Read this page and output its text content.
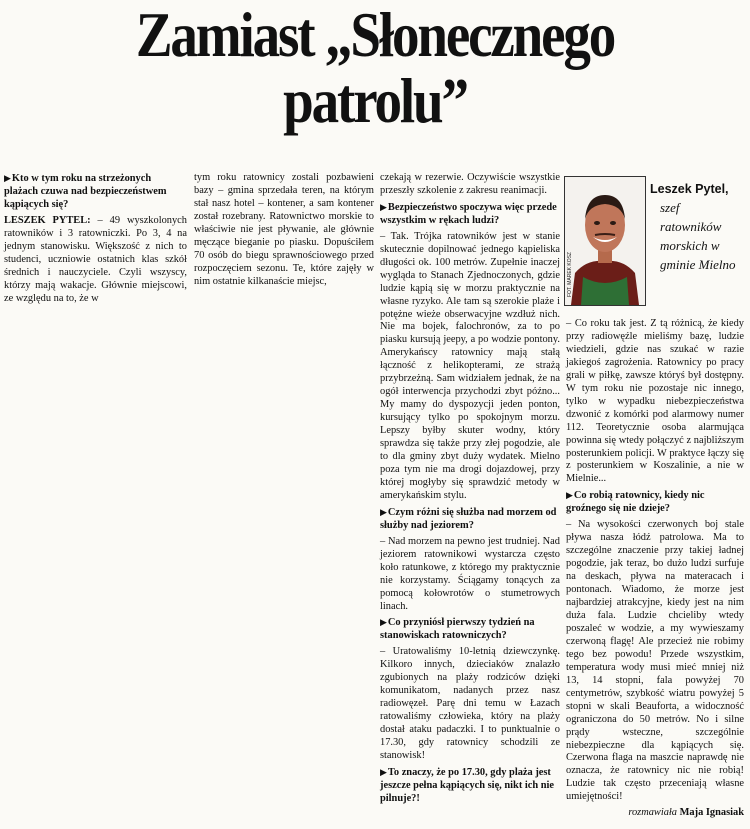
Zamiast „Słonecznego
patrolu”

▶Kto w tym roku na strzeżonych plażach czuwa nad bezpieczeństwem kąpiących się?

LESZEK PYTEL: – 49 wyszkolonych ratowników i 3 ratowniczki. Po 3, 4 na jednym stanowisku. Większość z nich to studenci, uczniowie ostatnich klas szkół średnich i nauczyciele. Czyli wszyscy, którzy mają wakacje. Głównie miejscowi, ze względu na to, że w

tym roku ratownicy zostali pozbawieni bazy – gmina sprzedała teren, na którym stał nasz hotel – kontener, a sam kontener został rozebrany. Ratownictwo morskie to właściwie nie jest pływanie, ale głównie męczące bieganie po piasku. Dopuściłem 70 osób do biegu sprawnościowego przed rozpoczęciem sezonu. Te, które zajęły w nim ostatnie kilkanaście miejsc,

czekają w rezerwie. Oczywiście wszystkie przeszły szkolenie z zakresu reanimacji.

▶Bezpieczeństwo spoczywa więc przede wszystkim w rękach ludzi?

– Tak. Trójka ratowników jest w stanie skutecznie dopilnować jednego kąpieliska długości ok. 100 metrów. Zupełnie inaczej wygląda to Stanach Zjednoczonych, gdzie ludzie kąpią się w morzu praktycznie na własne ryzyko. Ale tam są szerokie plaże i potężne wieże obserwacyjne wzdłuż nich. Nie ma bojek, falochronów, za to po piasku kursują jeepy, a po wodzie pontony. Amerykańscy ratownicy mają stałą łączność z helikopterami, ze strażą przybrzeżną. Sam widziałem jednak, że na ogół interwencja przychodzi zbyt późno... My mamy do dyspozycji jeden ponton, kursujący tylko po spokojnym morzu. Lepszy byłby skuter wodny, który sprawdza się także przy złej pogodzie, ale to dla gminy zbyt duży wydatek. Mielno poza tym nie ma drogi dojazdowej, przy której mogłyby się sprawdzić metody w amerykańskim stylu.

▶Czym różni się służba nad morzem od służby nad jeziorem?

– Nad morzem na pewno jest trudniej. Nad jeziorem ratownikowi wystarcza często koło ratunkowe, z którego my praktycznie nie korzystamy. Ściągamy tonących za pomocą kołowrotów o stumetrowych linach.

▶Co przyniósł pierwszy tydzień na stanowiskach ratowniczych?

– Uratowaliśmy 10-letnią dziewczynkę. Kilkoro innych, dzieciaków znalazło zgubionych na plaży rodziców dzięki komunikatom, nadanych przez nasz radiowęzeł. Parę dni temu w Łazach ratowaliśmy człowieka, który na plaży dostał ataku padaczki. I to punktualnie o 17.30, gdy ratownicy schodzili ze stanowisk!

▶To znaczy, że po 17.30, gdy plaża jest jeszcze pełna kąpiących się, nikt ich nie pilnuje?!

FOT. MAREK KOSZ
Leszek Pytel,
szef
ratowników
morskich w
gminie Mielno

– Co roku tak jest. Z tą różnicą, że kiedy przy radiowęźle mieliśmy bazę, ludzie wiedzieli, gdzie nas szukać w razie jakiegoś zagrożenia. Ratownicy po pracy grali w piłkę, zawsze któryś był dostępny. W tym roku nie pozostaje nic innego, tylko w wypadku niebezpieczeństwa dzwonić z komórki pod alarmowy numer 112. Teoretycznie osoba alarmująca powinna się wtedy połączyć z najbliższym posterunkiem policji. W praktyce łączy się z posterunkiem w Koszalinie, a nie w Mielnie...

▶Co robią ratownicy, kiedy nic groźnego się nie dzieje?

– Na wysokości czerwonych boj stale pływa nasza łódź patrolowa. Ma to szczególne znaczenie przy takiej ładnej pogodzie, jak teraz, bo dużo ludzi surfuje na deskach, pływa na materacach i pontonach. Wiadomo, że morze jest najbardziej atrakcyjne, kiedy jest na nim duża fala. Ludzie chcieliby wtedy poszaleć w wodzie, a my wywieszamy czerwoną flagę! Ale przecież nie robimy tego bez powodu! Przede wszystkim, temperatura wody musi mieć mniej niż 13, 14 stopni, fala powyżej 70 centymetrów, szybkość wiatru powyżej 5 stopni w skali Beauforta, a widoczność ograniczona do 50 metrów. No i silne prądy wsteczne, szczególnie niebezpieczne dla kąpiących się. Czerwona flaga na maszcie naprawdę nie oznacza, że ratownicy nic nie robią! Ludzie tak często przeceniają własne umiejętności!

rozmawiała Maja Ignasiak
